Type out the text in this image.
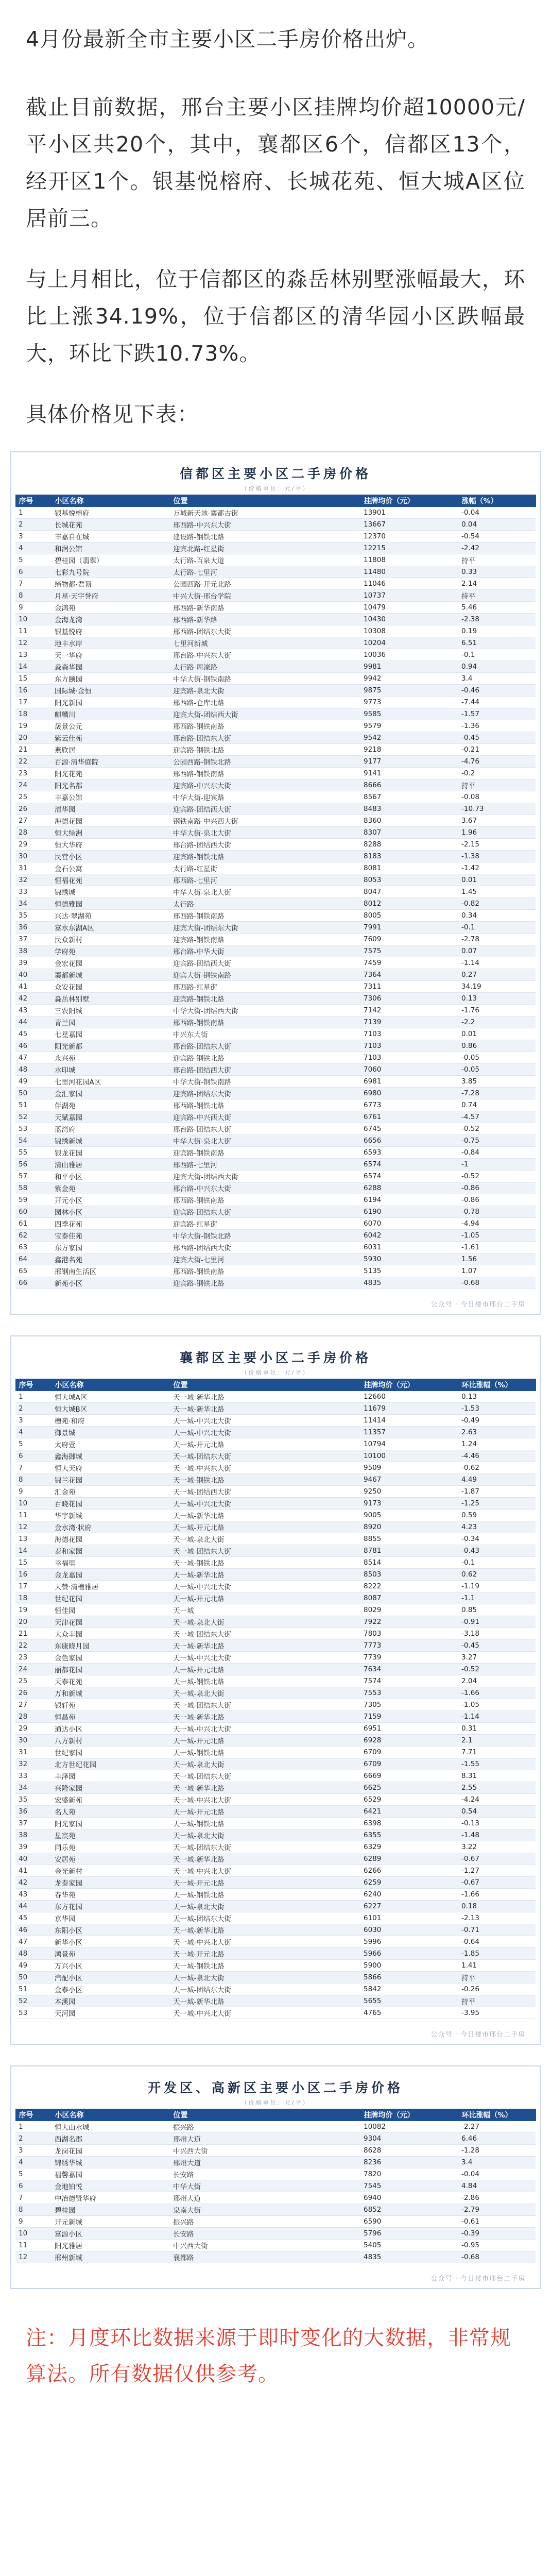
4月份最新全市主要小区二手房价格出炉。

截止目前数据，邢台主要小区挂牌均价超10000元/平小区共20个，其中，襄都区6个，信都区13个，经开区1个。银基悦榕府、长城花苑、恒大城A区位居前三。

与上月相比，位于信都区的淼岳林别墅涨幅最大，环比上涨34.19%，位于信都区的清华园小区跌幅最大，环比下跌10.73%。

具体价格见下表：

信都区主要小区二手房价格
（价格单位：元/平）
序号	小区名称	位置	挂牌均价（元）	涨幅（%）
1	银基悦榕府	万城新天地-襄都古街	13901	-0.04
2	长城花苑	邢西路-中兴东大街	13667	0.04
3	丰嘉自在城	建设路-钢铁北路	12370	-0.54
4	和润公馆	迎宾北路-红星街	12215	-2.42
5	碧桂园（翡翠）	太行路-百泉大道	11808	持平
6	七彩九号院	太行路-七里河	11480	0.33
7	缔物都·君顶	公园西路-开元北路	11046	2.14
8	月星·天宇誉府	中兴大街-邢台学院	10737	持平
9	金鸿苑	邢西路-新华南路	10479	5.46
10	金海龙湾	邢西路-新华路	10430	-2.38
11	银基悦府	邢西路-团结东大街	10308	0.19
12	地丰水岸	七里河新城	10204	6.51
13	天一华府	邢台路-中兴东大街	10036	-0.1
14	淼森华园	太行路-周濠路	9981	0.94
15	东方颐园	中华大街-钢铁南路	9942	3.4
16	国际城·金恒	迎宾路-泉北大街	9875	-0.46
17	阳光新园	邢西路-仓库北路	9773	-7.44
18	麒麟川	迎宾大街-团结西大街	9585	-1.57
19	晟景公元	邢西路-钢铁南路	9579	-1.36
20	紫云佳苑	邢台路-团结东大街	9542	-0.45
21	燕欣居	迎宾路-钢铁北路	9218	-0.21
22	百源·清华庭院	公园西路-钢铁北路	9177	-4.76
23	阳光花苑	邢西路-钢铁南路	9141	-0.2
24	阳光名都	迎宾路-中兴东大街	8666	持平
25	丰嘉公馆	中华大街-迎宾路	8567	-0.08
26	清华园	迎宾路-团结西大街	8483	-10.73
27	海德花园	钢铁南路-中兴西大街	8360	3.67
28	恒大绿洲	中华大街-泉北大街	8307	1.96
29	恒大华府	邢台路-团结西大街	8288	-2.15
30	民营小区	迎宾路-钢铁北路	8183	-1.38
31	金石公寓	太行路-红星街	8081	-1.42
32	恒福花苑	邢西路-七里河	8053	0.01
33	锦绣城	中华大街-泉北大街	8047	1.45
34	恒德雅园	太行路	8012	-0.82
35	兴达·翠湖苑	邢西路-钢铁南路	8005	0.34
36	富水东湖A区	迎宾大街-团结东大街	7991	-0.1
37	民众新村	迎宾路-钢铁南路	7609	-2.78
38	学府苑	邢台路-中华大街	7575	0.07
39	金宏花园	迎宾路-团结西大街	7459	-1.14
40	襄都新城	迎宾大街-钢铁南路	7364	0.27
41	众安花园	邢西路-红星街	7311	34.19
42	淼岳林别墅	迎宾路-钢铁北路	7306	0.13
43	三农阳城	中华大街-团结西大街	7142	-1.76
44	青兰园	邢西路-钢铁南路	7139	-2.2
45	七星嘉园	中兴东大街	7103	0.01
46	阳光新都	邢台路-团结东大街	7103	0.86
47	永兴苑	迎宾路-钢铁北路	7103	-0.05
48	水印城	邢台路-团结西大街	7060	-0.05
49	七里河花园A区	中华大街-钢铁南路	6981	3.85
50	金汇家园	迎宾路-团结东大街	6980	-7.28
51	伴湖苑	邢西路-钢铁北路	6773	0.74
52	天赋嘉园	迎宾路-中兴西大街	6761	-4.57
53	蓝湾府	邢台路-团结东大街	6745	-0.52
54	锦绣新城	中华大街-泉北大街	6656	-0.75
55	银龙花园	迎宾路-钢铁南路	6593	-0.84
56	清山雅居	邢西路-七里河	6574	-1
57	和平小区	迎宾大街-团结西大街	6574	-0.52
58	紫金苑	邢台路-中兴东大街	6288	-0.86
59	开元小区	邢西路-钢铁南路	6194	-0.86
60	园林小区	迎宾路-团结东大街	6190	-0.78
61	四季花苑	迎宾路-红星街	6070	-4.94
62	宝泰佳苑	中华大街-钢铁北路	6042	-1.05
63	东方家园	邢西路-团结西大街	6031	-1.61
64	鑫港名苑	迎宾大街-七里河	5930	1.56
65	邢钢南生活区	邢西路-钢铁南路	5135	1.07
66	新苑小区	迎宾路-钢铁北路	4835	-0.68
公众号 · 今日楼市邢台二手房
襄都区主要小区二手房价格
（价格单位：元/平）
序号	小区名称	位置	挂牌均价（元）	环比涨幅（%）
1	恒大城A区	天一城-新华北路	12660	0.13
2	恒大城B区	天一城-新华北路	11679	-1.53
3	檀苑·和府	天一城-中兴北大街	11414	-0.49
4	御景城	天一城-中兴北大街	11357	2.63
5	太府壹	天一城-开元北路	10794	1.24
6	鑫海御城	天一城-团结东大街	10100	-4.46
7	恒大天府	天一城-中兴东大街	9509	-0.62
8	锦兰花园	天一城-钢铁北路	9467	4.49
9	汇金苑	天一城-团结西大街	9250	-1.87
10	百晓花园	天一城-中兴北大街	9173	-1.25
11	华宇新城	天一城-新华北路	9005	0.59
12	金水湾·状府	天一城-开元北路	8920	4.23
13	海德花园	天一城-泉北大街	8855	-0.34
14	泰和家园	天一城-团结东大街	8781	-0.43
15	幸福里	天一城-钢铁北路	8514	-0.1
16	金龙嘉园	天一城-新华北路	8503	0.62
17	天赞·清檀雅居	天一城-中兴北大街	8222	-1.19
18	世纪花园	天一城-开元北路	8087	-1.1
19	恒佳园	天一城	8029	0.85
20	天津花园	天一城-泉北大街	7922	-0.91
21	大众丰园	天一城-团结东大街	7803	-3.18
22	东康晓月园	天一城-新华北路	7773	-0.45
23	金色家园	天一城-中兴北大街	7739	3.27
24	丽都花园	天一城-开元北路	7634	-0.52
25	天泰花苑	天一城-钢铁北路	7574	2.04
26	万和新城	天一城-泉北大街	7553	-1.66
27	银轩苑	天一城-团结东大街	7305	-1.05
28	恒昌苑	天一城-新华北路	7159	-1.14
29	通达小区	天一城-中兴北大街	6951	0.31
30	八方新村	天一城-开元北路	6928	2.1
31	世纪家园	天一城-钢铁北路	6709	7.71
32	北方世纪花园	天一城-泉北大街	6709	-1.55
33	丰泽园	天一城-团结东大街	6669	8.31
34	兴隆家园	天一城-新华北路	6625	2.55
35	宏盛新苑	天一城-中兴北大街	6529	-4.24
36	名人苑	天一城-开元北路	6421	0.54
37	阳光家园	天一城-钢铁北路	6398	-0.13
38	星宸苑	天一城-泉北大街	6355	-1.48
39	同乐苑	天一城-团结东大街	6329	3.22
40	安居苑	天一城-新华北路	6289	-0.67
41	金光新村	天一城-中兴北大街	6266	-1.27
42	龙泰家园	天一城-开元北路	6259	-0.67
43	春华苑	天一城-钢铁北路	6240	-1.66
44	东方花园	天一城-泉北大街	6227	0.18
45	京华园	天一城-团结东大街	6101	-2.13
46	东阳小区	天一城-新华北路	6030	-0.71
47	新华小区	天一城-中兴北大街	5996	-0.64
48	鸿景苑	天一城-开元北路	5966	-1.85
49	万兴小区	天一城-钢铁北路	5900	1.41
50	汽配小区	天一城-泉北大街	5866	持平
51	金泰小区	天一城-团结东大街	5842	-0.26
52	本溪园	天一城-新华北路	5655	持平
53	天河园	天一城-中兴北大街	4765	-3.95
公众号 · 今日楼市邢台二手房
开发区、高新区主要小区二手房价格
（价格单位：元/平）
序号	小区名称	位置	挂牌均价（元）	环比涨幅（%）
1	恒大山水城	振兴路	10082	-2.27
2	西湖名郡	邢州大道	9304	6.46
3	龙岗花园	中兴西大街	8628	-1.28
4	锦绣华城	邢州大道	8236	3.4
5	福馨嘉园	长安路	7820	-0.04
6	金地铂悦	中华大街	7545	4.84
7	中冶德贤华府	邢州大道	6940	-2.86
8	碧桂园	泉南大街	6852	-2.79
9	开元新城	振兴路	6590	-0.61
10	富源小区	长安路	5796	-0.39
11	阳光雅居	中兴西大街	5405	-0.95
12	邢州新城	襄都路	4835	-0.68
公众号 · 今日楼市邢台二手房

注：月度环比数据来源于即时变化的大数据，非常规算法。所有数据仅供参考。
